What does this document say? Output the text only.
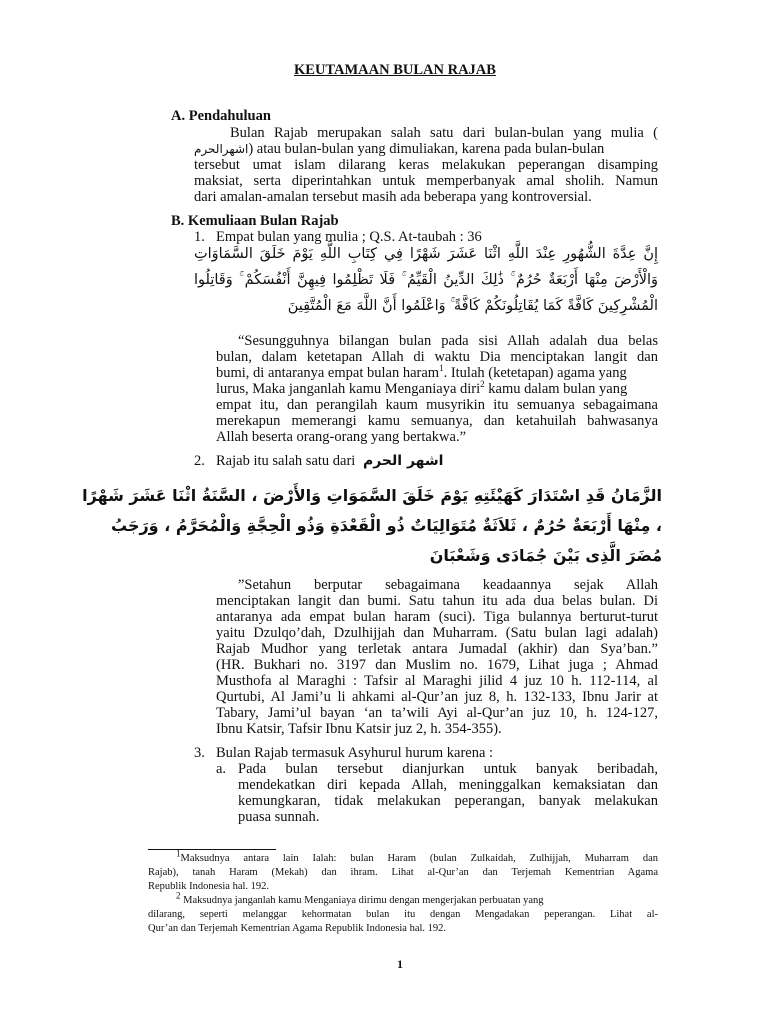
KEUTAMAAN BULAN RAJAB
A. Pendahuluan
Bulan Rajab merupakan salah satu dari bulan-bulan yang mulia (
اشهرالحرم) atau bulan-bulan yang dimuliakan, karena pada bulan-bulan
tersebut umat islam dilarang keras melakukan peperangan disamping
maksiat, serta diperintahkan untuk memperbanyak amal sholih. Namun
dari amalan-amalan tersebut masih ada beberapa yang kontroversial.
B. Kemuliaan Bulan Rajab
1. Empat bulan yang mulia ; Q.S. At-taubah : 36
إِنَّ عِدَّةَ الشُّهُورِ عِنْدَ اللَّهِ اثْنَا عَشَرَ شَهْرًا فِي كِتَابِ اللَّهِ يَوْمَ خَلَقَ السَّمَاوَاتِ
وَالْأَرْضَ مِنْهَا أَرْبَعَةٌ حُرُمٌ ۚ ذَٰلِكَ الدِّينُ الْقَيِّمُ ۚ فَلَا تَظْلِمُوا فِيهِنَّ أَنْفُسَكُمْ ۚ وَقَاتِلُوا
الْمُشْرِكِينَ كَافَّةً كَمَا يُقَاتِلُونَكُمْ كَافَّةً ۚ وَاعْلَمُوا أَنَّ اللَّهَ مَعَ الْمُتَّقِينَ
“Sesungguhnya bilangan bulan pada sisi Allah adalah dua belas
bulan, dalam ketetapan Allah di waktu Dia menciptakan langit dan
bumi, di antaranya empat bulan haram$^1$. Itulah (ketetapan) agama yang
lurus, Maka janganlah kamu Menganiaya diri$^2$ kamu dalam bulan yang
empat itu, dan perangilah kaum musyrikin itu semuanya sebagaimana
merekapun memerangi kamu semuanya, dan ketahuilah bahwasanya
Allah beserta orang-orang yang bertakwa.”
2. Rajab itu salah satu dari اشهر الحرم
الزَّمَانُ قَدِ اسْتَدَارَ كَهَيْئَتِهِ يَوْمَ خَلَقَ السَّمَوَاتِ وَالأَرْضَ ، السَّنَةُ اثْنَا عَشَرَ شَهْرًا
، مِنْهَا أَرْبَعَةٌ حُرُمٌ ، ثَلاَثَةٌ مُتَوَالِيَاتٌ ذُو الْقَعْدَةِ وَذُو الْحِجَّةِ وَالْمُحَرَّمُ ، وَرَجَبُ
مُضَرَ الَّذِى بَيْنَ جُمَادَى وَشَعْبَانَ
”Setahun berputar sebagaimana keadaannya sejak Allah
menciptakan langit dan bumi. Satu tahun itu ada dua belas bulan. Di
antaranya ada empat bulan haram (suci). Tiga bulannya berturut-turut
yaitu Dzulqo’dah, Dzulhijjah dan Muharram. (Satu bulan lagi adalah)
Rajab Mudhor yang terletak antara Jumadal (akhir) dan Sya’ban.”
(HR. Bukhari no. 3197 dan Muslim no. 1679, Lihat juga ; Ahmad
Musthofa al Maraghi : Tafsir al Maraghi jilid 4 juz 10 h. 112-114, al
Qurtubi, Al Jami’u li ahkami al-Qur’an juz 8, h. 132-133, Ibnu Jarir at
Tabary, Jami’ul bayan ‘an ta’wili Ayi al-Qur’an juz 10, h. 124-127,
Ibnu Katsir, Tafsir Ibnu Katsir juz 2, h. 354-355).
3. Bulan Rajab termasuk Asyhurul hurum karena :
a. Pada bulan tersebut dianjurkan untuk banyak beribadah,
mendekatkan diri kepada Allah, meninggalkan kemaksiatan dan
kemungkaran, tidak melakukan peperangan, banyak melakukan
puasa sunnah.
$^1$Maksudnya antara lain Ialah: bulan Haram (bulan Zulkaidah, Zulhijjah, Muharram dan
Rajab), tanah Haram (Mekah) dan ihram. Lihat al-Qur’an dan Terjemah Kementrian Agama
Republik Indonesia hal. 192.
$^2$ Maksudnya janganlah kamu Menganiaya dirimu dengan mengerjakan perbuatan yang
dilarang, seperti melanggar kehormatan bulan itu dengan Mengadakan peperangan. Lihat al-
Qur’an dan Terjemah Kementrian Agama Republik Indonesia hal. 192.
1
